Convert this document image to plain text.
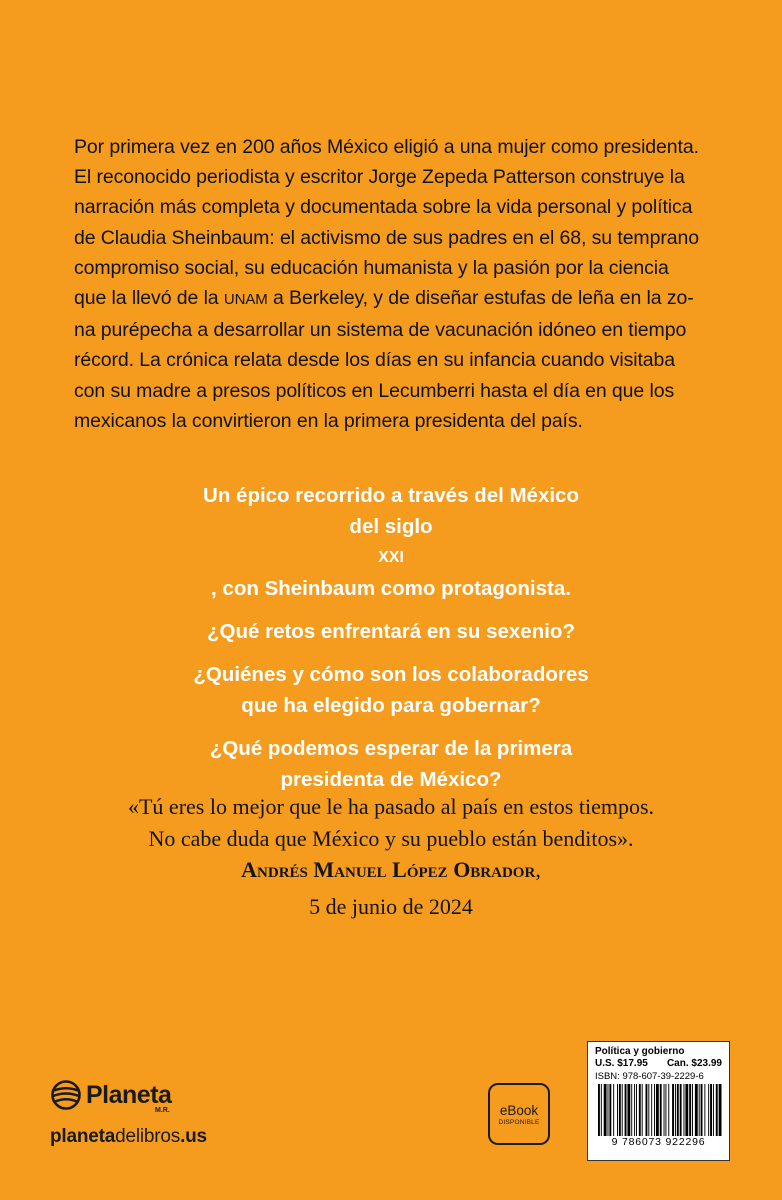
Por primera vez en 200 años México eligió a una mujer como presidenta.
El reconocido periodista y escritor Jorge Zepeda Patterson construye la
narración más completa y documentada sobre la vida personal y política
de Claudia Sheinbaum: el activismo de sus padres en el 68, su temprano
compromiso social, su educación humanista y la pasión por la ciencia
que la llevó de la UNAM a Berkeley, y de diseñar estufas de leña en la zo-
na purépecha a desarrollar un sistema de vacunación idóneo en tiempo
récord. La crónica relata desde los días en su infancia cuando visitaba
con su madre a presos políticos en Lecumberri hasta el día en que los
mexicanos la convirtieron en la primera presidenta del país.
Un épico recorrido a través del México
del siglo
XXI
, con Sheinbaum como protagonista.
¿Qué retos enfrentará en su sexenio?
¿Quiénes y cómo son los colaboradores
que ha elegido para gobernar?
¿Qué podemos esperar de la primera
presidenta de México?
«Tú eres lo mejor que le ha pasado al país en estos tiempos.
No cabe duda que México y su pueblo están benditos».
Andrés Manuel López Obrador,
5 de junio de 2024
Planeta
M.R.
planetadelibros.us
eBook
DISPONIBLE
Política y gobierno
U.S. $17.95 Can. $23.99
ISBN: 978-607-39-2229-6
9 786073 922296
